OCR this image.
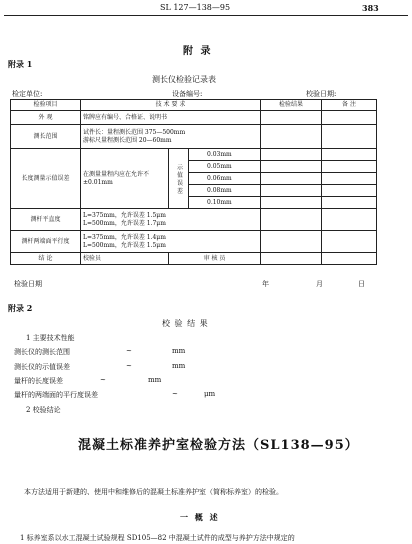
SL 127—138—95	383
附 录
附录 1
测长仪检验记录表
检定单位:	设备编号:	校验日期:
检验项目	技 术 要 求			检验结果	备 注
外 观	铭牌应有编号、合格证、说明书				
测长范围	试件长：量程测长范围 375—500mm
游标尺量程测长范围 20—60mm				

长度测量示值误差	在测量量程内应在允许不 ±0.01mm	示 值 误 差	0.03mm		
			0.05mm		
			0.06mm		
			0.08mm		
			0.10mm		
测杆平直度	L=375mm，允许误差 1.5μm
L=500mm，允许误差 1.7μm				

测杆两端面平行度	L=375mm，允许误差 1.4μm
L=500mm，允许误差 1.5μm				

结 论	校验员	审 核 员			
检验日期	年	月	日
附录 2
校 验 结 果
1 主要技术性能
测长仪的测长范围	~	mm
测长仪的示值误差	~	mm
量杆的长度误差	~	mm
量杆的两端面的平行度误差	~	μm
2 校验结论
混凝土标准养护室检验方法（SL138—95）
本方法适用于新建的、使用中和维修后的混凝土标准养护室（简称标养室）的检验。
一 概 述
1 标养室系以水工混凝土试验规程 SD105—82 中混凝土试件的成型与养护方法中规定的
